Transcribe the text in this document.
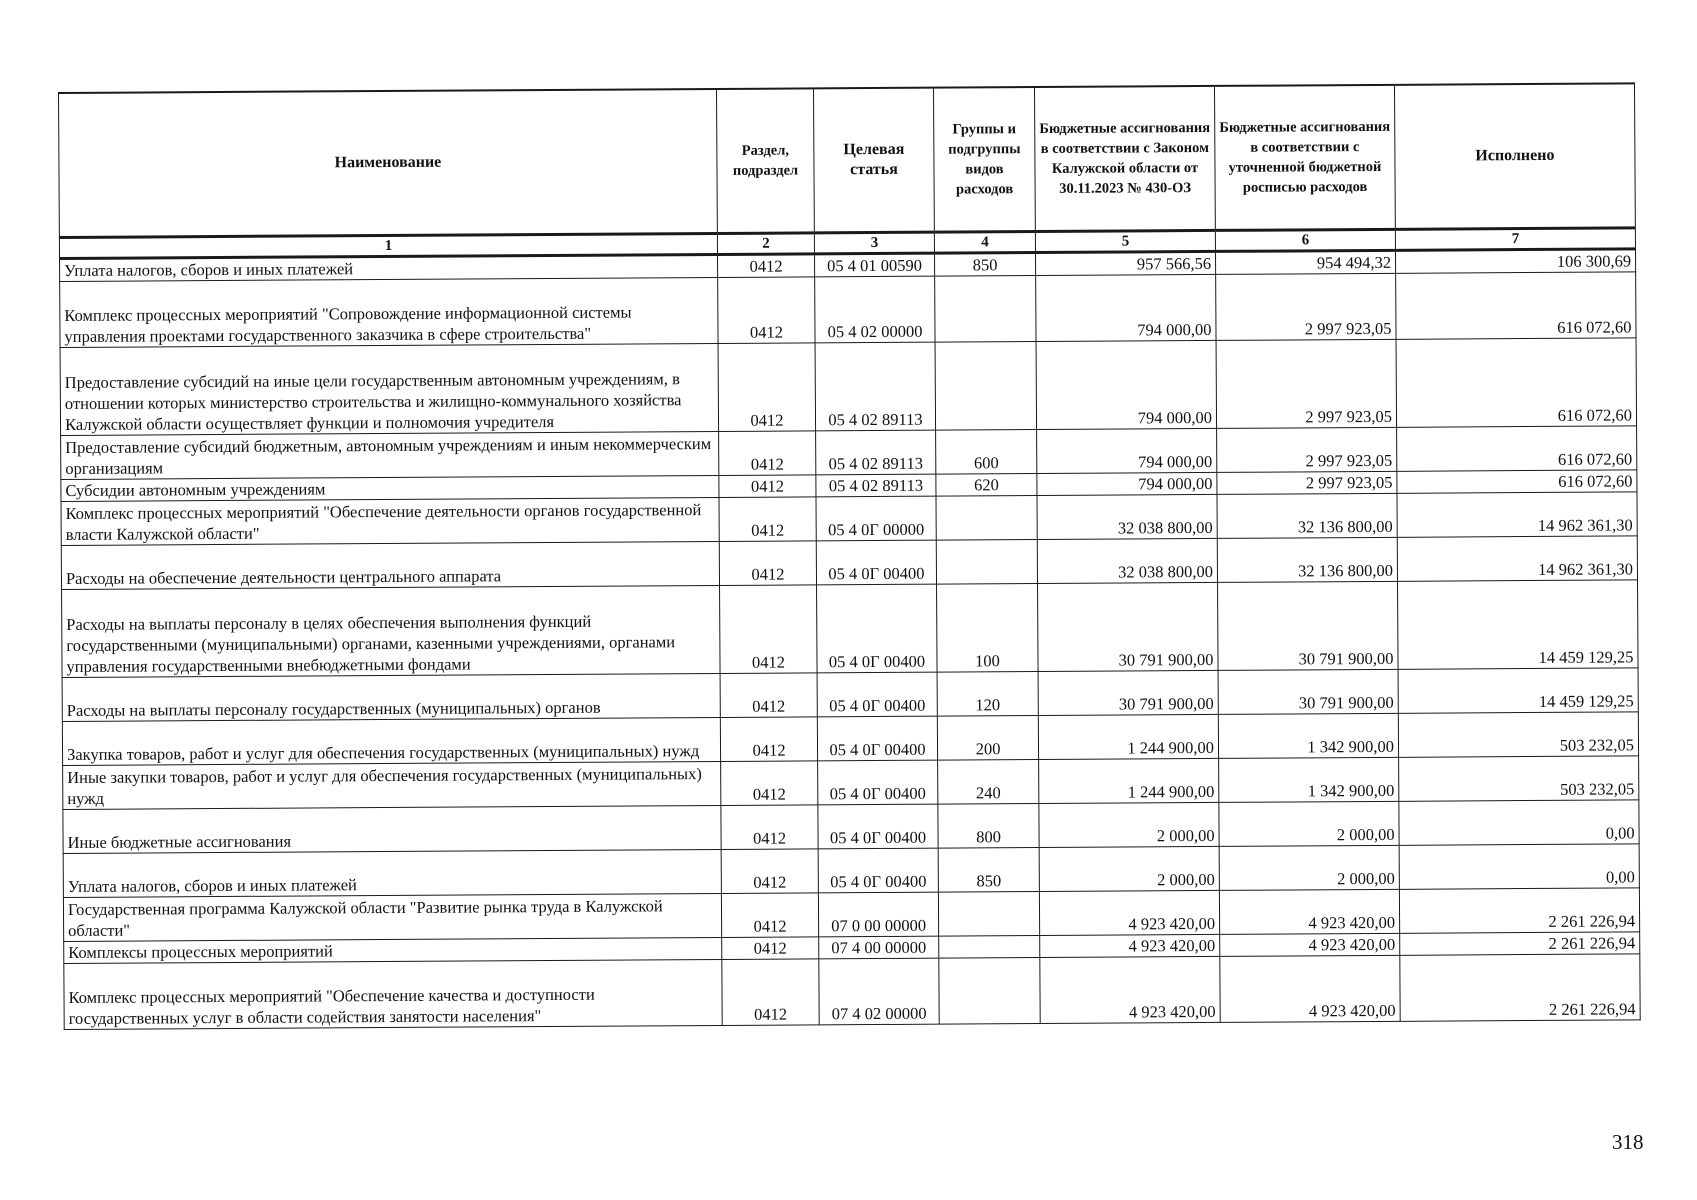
Наименование	Раздел, подраздел	Целевая статья	Группы и подгруппы видов расходов	Бюджетные ассигнования в соответствии с Законом Калужской области от 30.11.2023 № 430-ОЗ	Бюджетные ассигнования в соответствии с уточненной бюджетной росписью расходов	Исполнено
1	2	3	4	5	6	7
Уплата налогов, сборов и иных платежей	0412	05 4 01 00590	850	957 566,56	954 494,32	106 300,69
Комплекс процессных мероприятий "Сопровождение информационной системы управления проектами государственного заказчика в сфере строительства"	0412	05 4 02 00000		794 000,00	2 997 923,05	616 072,60
Предоставление субсидий на иные цели государственным автономным учреждениям, в отношении которых министерство строительства и жилищно-коммунального хозяйства Калужской области осуществляет функции и полномочия учредителя	0412	05 4 02 89113		794 000,00	2 997 923,05	616 072,60
Предоставление субсидий бюджетным, автономным учреждениям и иным некоммерческим организациям	0412	05 4 02 89113	600	794 000,00	2 997 923,05	616 072,60
Субсидии автономным учреждениям	0412	05 4 02 89113	620	794 000,00	2 997 923,05	616 072,60
Комплекс процессных мероприятий "Обеспечение деятельности органов государственной власти Калужской области"	0412	05 4 0Г 00000		32 038 800,00	32 136 800,00	14 962 361,30
Расходы на обеспечение деятельности центрального аппарата	0412	05 4 0Г 00400		32 038 800,00	32 136 800,00	14 962 361,30
Расходы на выплаты персоналу в целях обеспечения выполнения функций государственными (муниципальными) органами, казенными учреждениями, органами управления государственными внебюджетными фондами	0412	05 4 0Г 00400	100	30 791 900,00	30 791 900,00	14 459 129,25
Расходы на выплаты персоналу государственных (муниципальных) органов	0412	05 4 0Г 00400	120	30 791 900,00	30 791 900,00	14 459 129,25
Закупка товаров, работ и услуг для обеспечения государственных (муниципальных) нужд	0412	05 4 0Г 00400	200	1 244 900,00	1 342 900,00	503 232,05
Иные закупки товаров, работ и услуг для обеспечения государственных (муниципальных) нужд	0412	05 4 0Г 00400	240	1 244 900,00	1 342 900,00	503 232,05
Иные бюджетные ассигнования	0412	05 4 0Г 00400	800	2 000,00	2 000,00	0,00
Уплата налогов, сборов и иных платежей	0412	05 4 0Г 00400	850	2 000,00	2 000,00	0,00
Государственная программа Калужской области "Развитие рынка труда в Калужской области"	0412	07 0 00 00000		4 923 420,00	4 923 420,00	2 261 226,94
Комплексы процессных мероприятий	0412	07 4 00 00000		4 923 420,00	4 923 420,00	2 261 226,94
Комплекс процессных мероприятий "Обеспечение качества и доступности государственных услуг в области содействия занятости населения"	0412	07 4 02 00000		4 923 420,00	4 923 420,00	2 261 226,94
318
